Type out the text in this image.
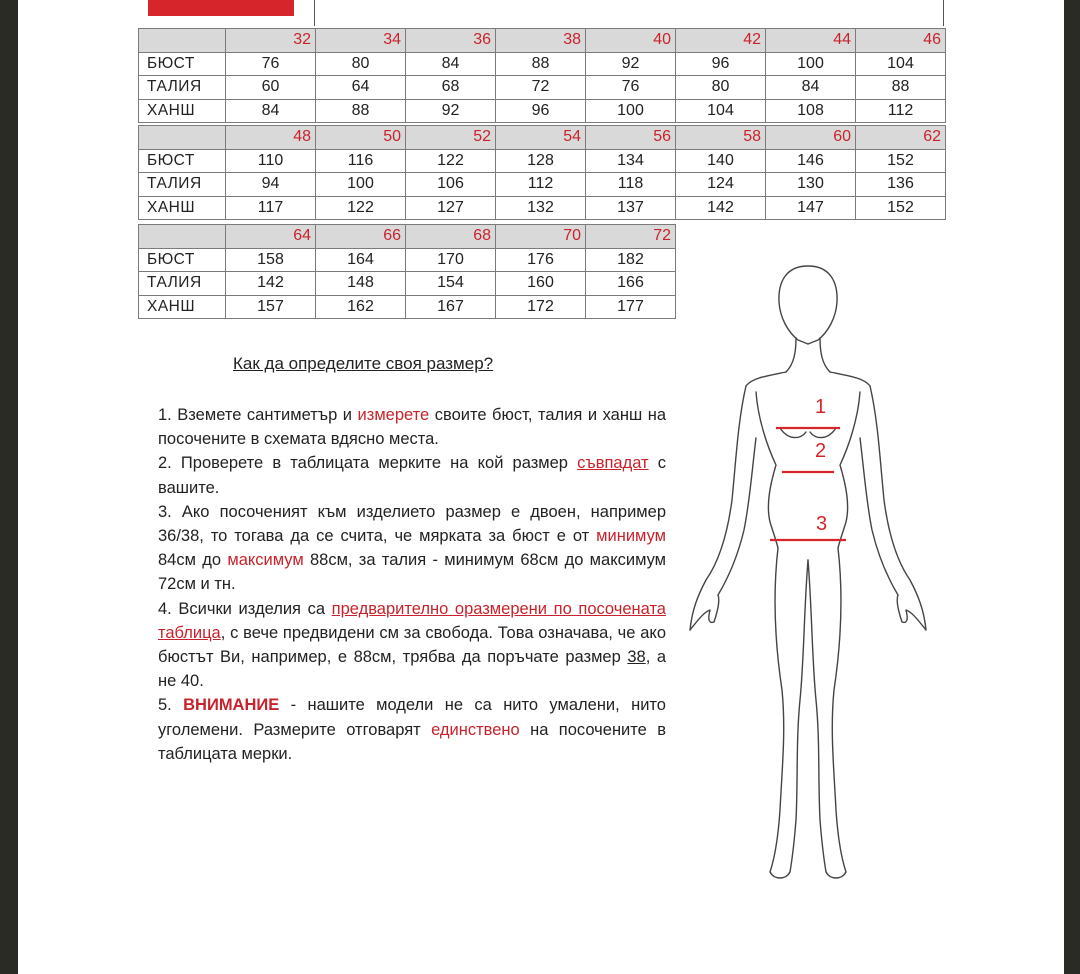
	32	34	36	38	40	42	44	46
БЮСТ	76	80	84	88	92	96	100	104
ТАЛИЯ	60	64	68	72	76	80	84	88
ХАНШ	84	88	92	96	100	104	108	112
	48	50	52	54	56	58	60	62
БЮСТ	110	116	122	128	134	140	146	152
ТАЛИЯ	94	100	106	112	118	124	130	136
ХАНШ	117	122	127	132	137	142	147	152
	64	66	68	70	72
БЮСТ	158	164	170	176	182
ТАЛИЯ	142	148	154	160	166
ХАНШ	157	162	167	172	177
Как да определите своя размер?

1. Вземете сантиметър и измерете своите бюст, талия и ханш на посочените в схемата вдясно места.

2. Проверете в таблицата мерките на кой размер съвпадат с вашите.

3. Ако посоченият към изделието размер е двоен, например 36/38, то тогава да се счита, че мярката за бюст е от минимум 84см до максимум 88см, за талия - минимум 68см до максимум 72см и тн.

4. Всички изделия са предварително оразмерени по посочената таблица, с вече предвидени см за свобода. Това означава, че ако бюстът Ви, например, е 88см, трябва да поръчате размер 38, а не 40.

5. ВНИМАНИЕ - нашите модели не са нито умалени, нито уголемени. Размерите отговарят единствено на посочените в таблицата мерки.

1
2
3
